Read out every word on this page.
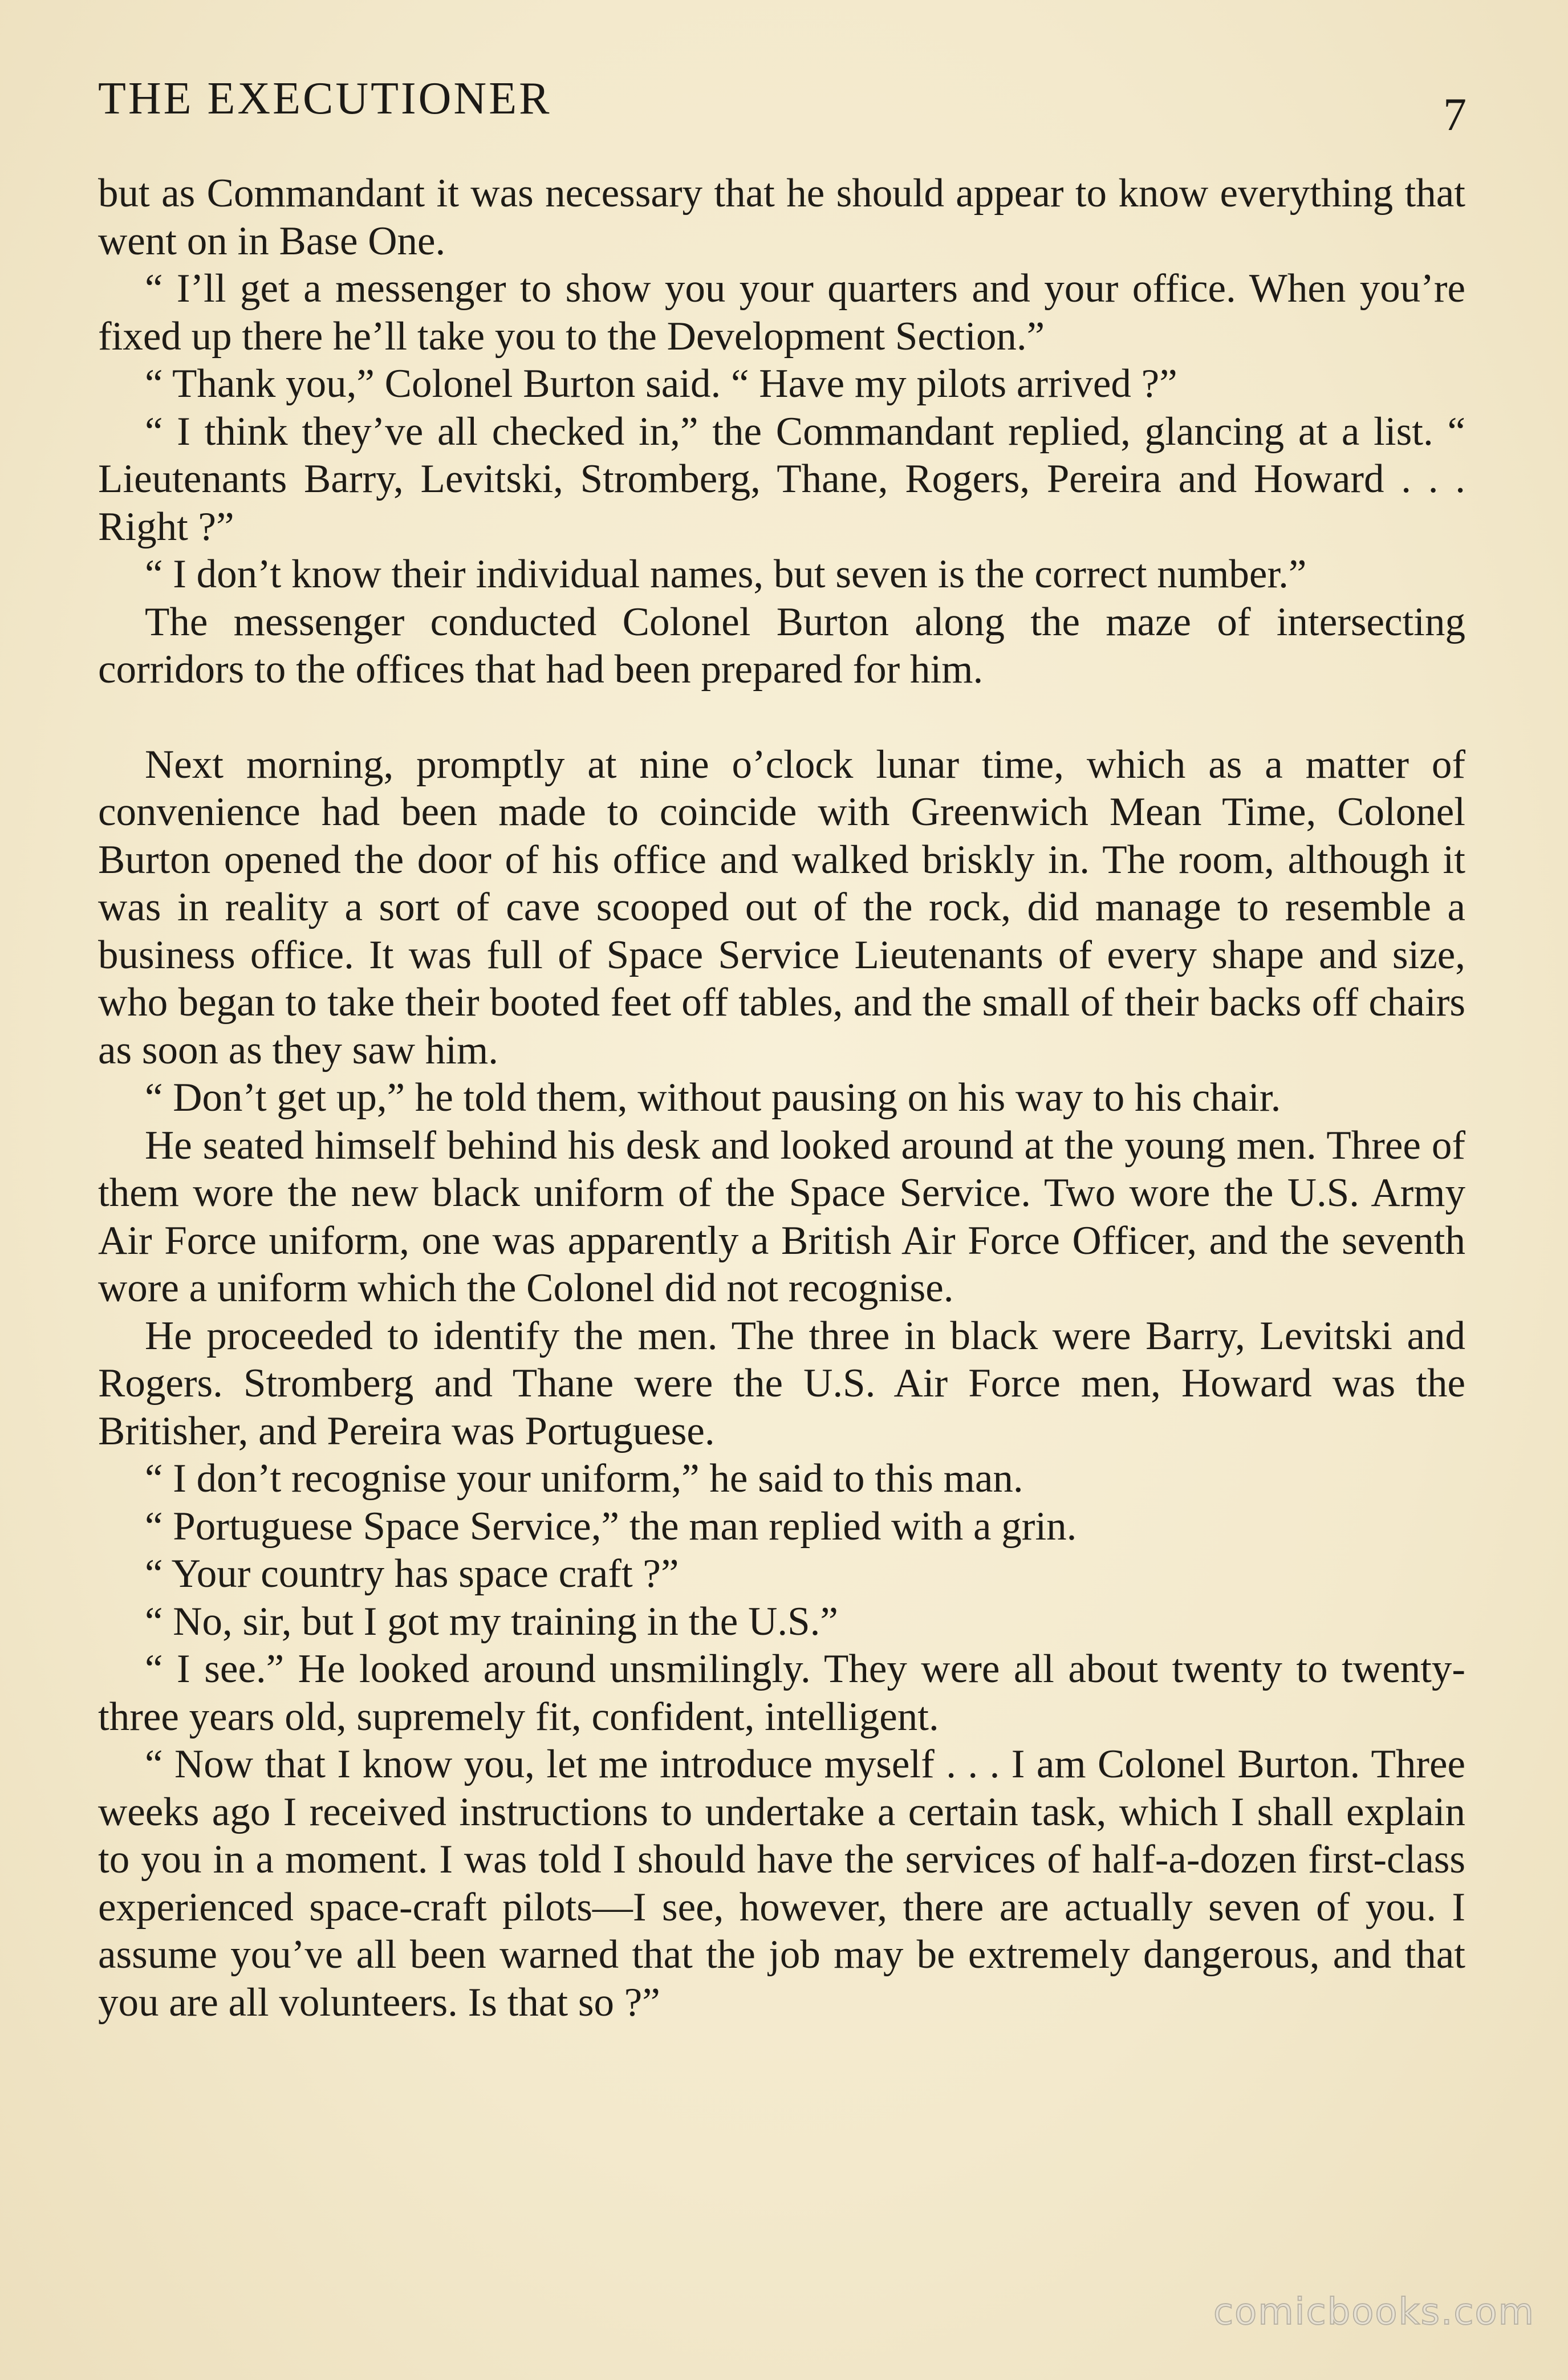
THE EXECUTIONER	7

but as Commandant it was necessary that he should appear to know everything that went on in Base One.

“ I’ll get a messenger to show you your quarters and your office. When you’re fixed up there he’ll take you to the Development Section.”

“ Thank you,” Colonel Burton said. “ Have my pilots arrived ?”

“ I think they’ve all checked in,” the Commandant replied, glancing at a list. “ Lieutenants Barry, Levitski, Stromberg, Thane, Rogers, Pereira and Howard . . . Right ?”

“ I don’t know their individual names, but seven is the correct number.”

The messenger conducted Colonel Burton along the maze of intersecting corridors to the offices that had been prepared for him.

Next morning, promptly at nine o’clock lunar time, which as a matter of convenience had been made to coincide with Greenwich Mean Time, Colonel Burton opened the door of his office and walked briskly in. The room, although it was in reality a sort of cave scooped out of the rock, did manage to resemble a business office. It was full of Space Service Lieutenants of every shape and size, who began to take their booted feet off tables, and the small of their backs off chairs as soon as they saw him.

“ Don’t get up,” he told them, without pausing on his way to his chair.

He seated himself behind his desk and looked around at the young men. Three of them wore the new black uniform of the Space Service. Two wore the U.S. Army Air Force uniform, one was apparently a British Air Force Officer, and the seventh wore a uniform which the Colonel did not recognise.

He proceeded to identify the men. The three in black were Barry, Levitski and Rogers. Stromberg and Thane were the U.S. Air Force men, Howard was the Britisher, and Pereira was Portuguese.

“ I don’t recognise your uniform,” he said to this man.

“ Portuguese Space Service,” the man replied with a grin.

“ Your country has space craft ?”

“ No, sir, but I got my training in the U.S.”

“ I see.” He looked around unsmilingly. They were all about twenty to twenty-three years old, supremely fit, confident, intelligent.

“ Now that I know you, let me introduce myself . . . I am Colonel Burton. Three weeks ago I received instructions to undertake a certain task, which I shall explain to you in a moment. I was told I should have the services of half-a-dozen first-class experienced space-craft pilots—I see, however, there are actually seven of you. I assume you’ve all been warned that the job may be extremely dangerous, and that you are all volunteers. Is that so ?”

comicbooks.com
